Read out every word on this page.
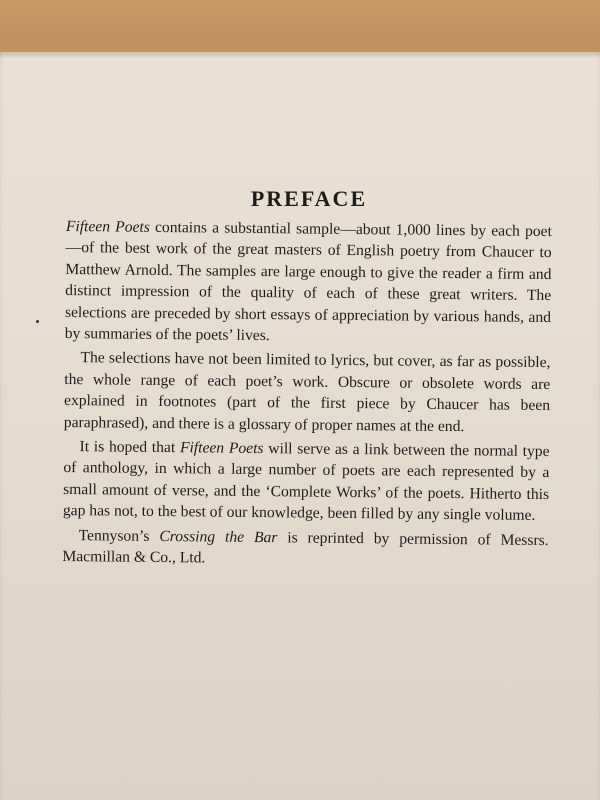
PREFACE

Fifteen Poets contains a substantial sample—about 1,000 lines by each poet—of the best work of the great masters of English poetry from Chaucer to Matthew Arnold. The samples are large enough to give the reader a firm and distinct impression of the quality of each of these great writers. The selections are preceded by short essays of appreciation by various hands, and by summaries of the poets’ lives.

The selections have not been limited to lyrics, but cover, as far as possible, the whole range of each poet’s work. Obscure or obsolete words are explained in footnotes (part of the first piece by Chaucer has been paraphrased), and there is a glossary of proper names at the end.

It is hoped that Fifteen Poets will serve as a link between the normal type of anthology, in which a large number of poets are each represented by a small amount of verse, and the ‘Complete Works’ of the poets. Hitherto this gap has not, to the best of our knowledge, been filled by any single volume.

Tennyson’s Crossing the Bar is reprinted by permission of Messrs. Macmillan & Co., Ltd.
